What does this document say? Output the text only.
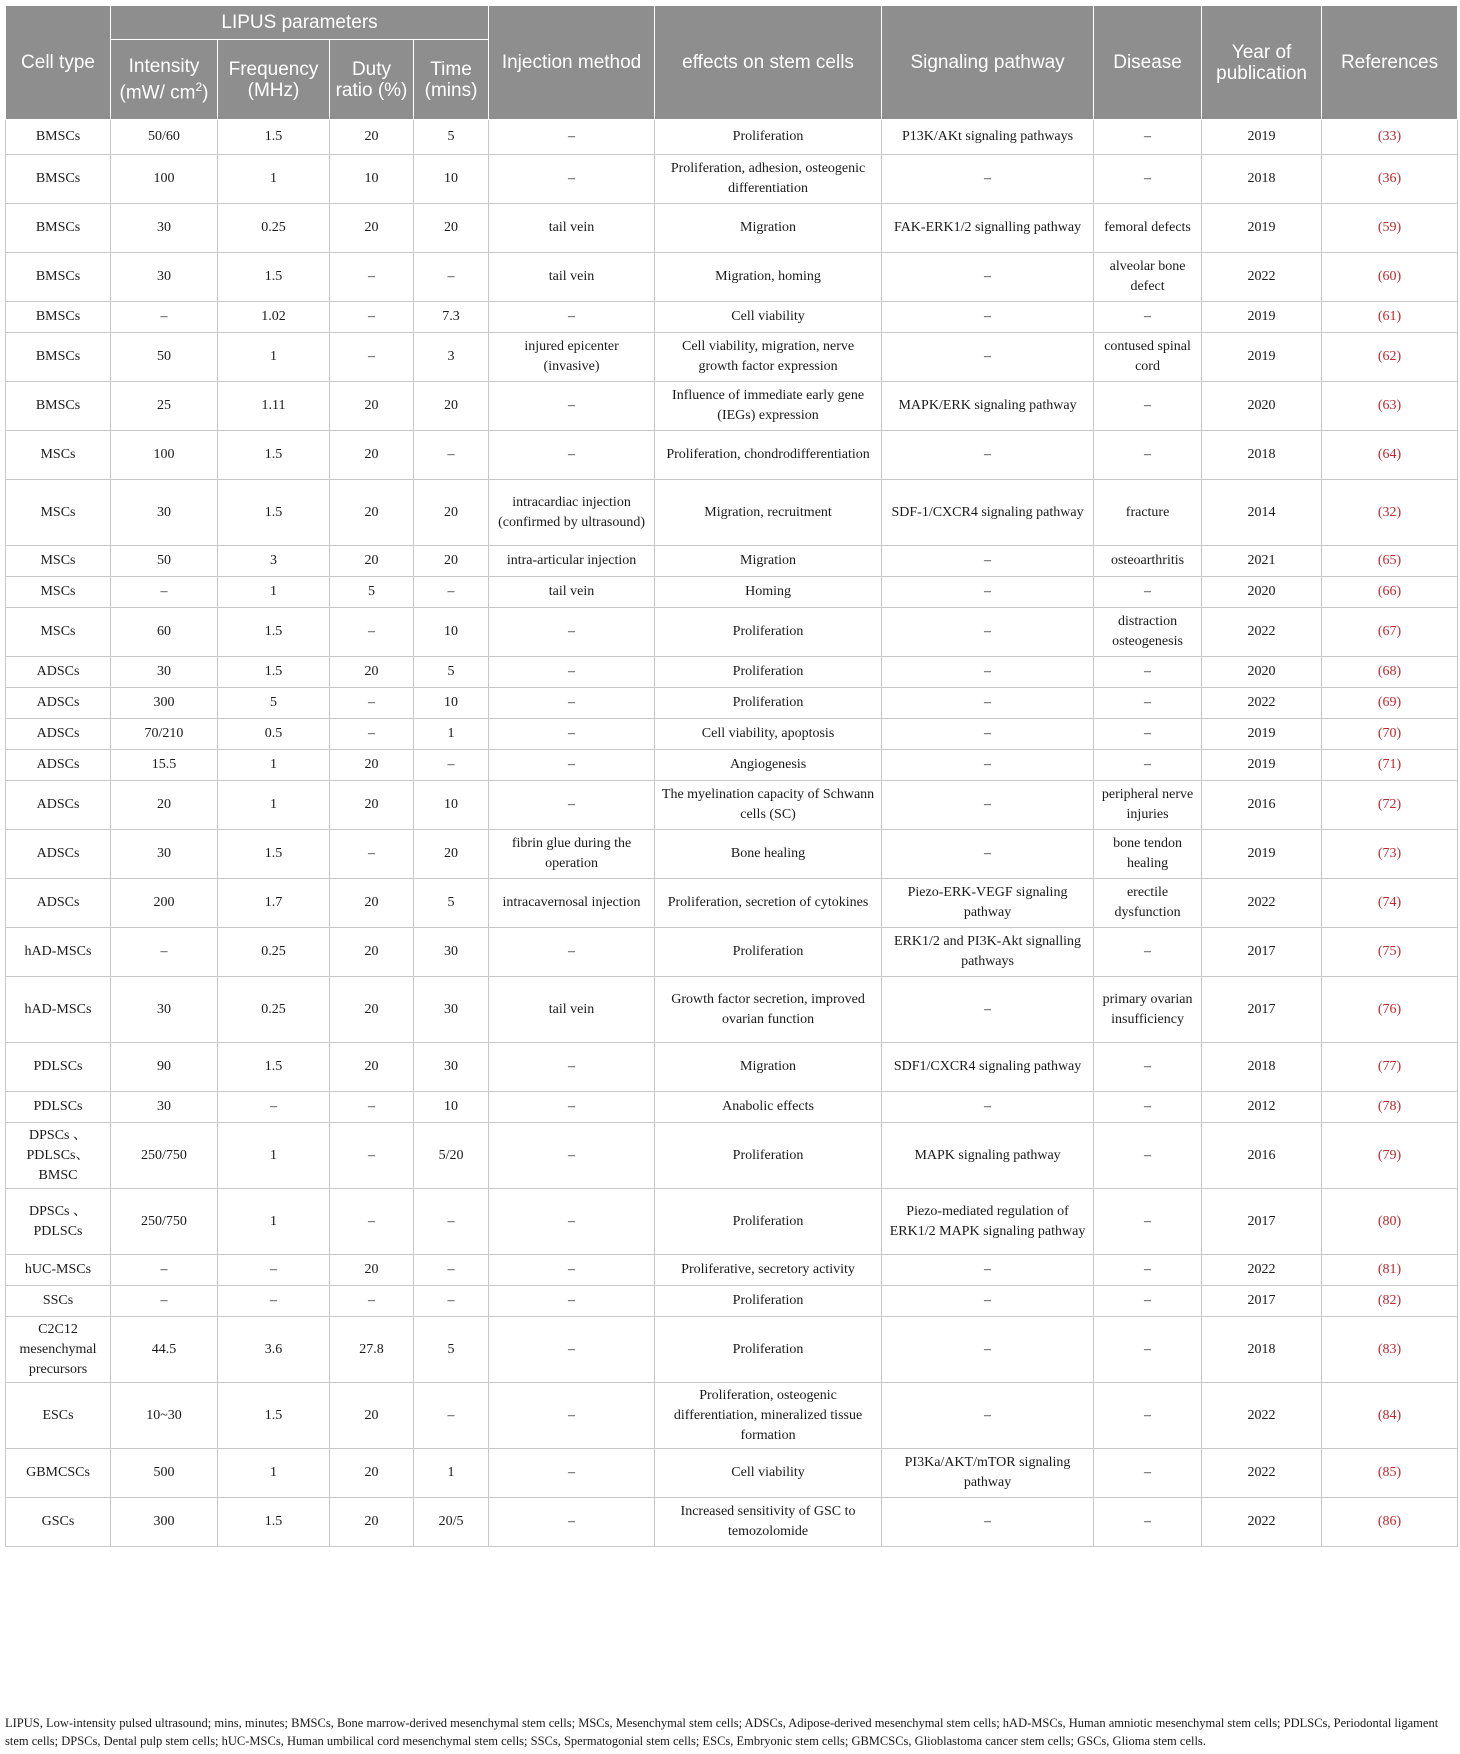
Cell type	LIPUS parameters				Injection method	effects on stem cells	Signaling pathway	Disease	Year of publication	References
	Intensity (mW/ $cm^2$)	Frequency (MHz)	Duty ratio (%)	Time (mins)						
BMSCs	50/60	1.5	20	5	–	Proliferation	P13K/AKt signaling pathways	–	2019	(33)
BMSCs	100	1	10	10	–	Proliferation, adhesion, osteogenic differentiation	–	–	2018	(36)
BMSCs	30	0.25	20	20	tail vein	Migration	FAK-ERK1/2 signalling pathway	femoral defects	2019	(59)
BMSCs	30	1.5	–	–	tail vein	Migration, homing	–	alveolar bone defect	2022	(60)
BMSCs	–	1.02	–	7.3	–	Cell viability	–	–	2019	(61)
BMSCs	50	1	–	3	injured epicenter (invasive)	Cell viability, migration, nerve growth factor expression	–	contused spinal cord	2019	(62)
BMSCs	25	1.11	20	20	–	Influence of immediate early gene (IEGs) expression	MAPK/ERK signaling pathway	–	2020	(63)
MSCs	100	1.5	20	–	–	Proliferation, chondrodifferentiation	–	–	2018	(64)
MSCs	30	1.5	20	20	intracardiac injection (confirmed by ultrasound)	Migration, recruitment	SDF-1/CXCR4 signaling pathway	fracture	2014	(32)
MSCs	50	3	20	20	intra-articular injection	Migration	–	osteoarthritis	2021	(65)
MSCs	–	1	5	–	tail vein	Homing	–	–	2020	(66)
MSCs	60	1.5	–	10	–	Proliferation	–	distraction osteogenesis	2022	(67)
ADSCs	30	1.5	20	5	–	Proliferation	–	–	2020	(68)
ADSCs	300	5	–	10	–	Proliferation	–	–	2022	(69)
ADSCs	70/210	0.5	–	1	–	Cell viability, apoptosis	–	–	2019	(70)
ADSCs	15.5	1	20	–	–	Angiogenesis	–	–	2019	(71)
ADSCs	20	1	20	10	–	The myelination capacity of Schwann cells (SC)	–	peripheral nerve injuries	2016	(72)
ADSCs	30	1.5	–	20	fibrin glue during the operation	Bone healing	–	bone tendon healing	2019	(73)
ADSCs	200	1.7	20	5	intracavernosal injection	Proliferation, secretion of cytokines	Piezo-ERK-VEGF signaling pathway	erectile dysfunction	2022	(74)
hAD-MSCs	–	0.25	20	30	–	Proliferation	ERK1/2 and PI3K-Akt signalling pathways	–	2017	(75)
hAD-MSCs	30	0.25	20	30	tail vein	Growth factor secretion, improved ovarian function	–	primary ovarian insufficiency	2017	(76)
PDLSCs	90	1.5	20	30	–	Migration	SDF1/CXCR4 signaling pathway	–	2018	(77)
PDLSCs	30	–	–	10	–	Anabolic effects	–	–	2012	(78)
DPSCs 、PDLSCs、BMSC	250/750	1	–	5/20	–	Proliferation	MAPK signaling pathway	–	2016	(79)
DPSCs 、PDLSCs	250/750	1	–	–	–	Proliferation	Piezo-mediated regulation of ERK1/2 MAPK signaling pathway	–	2017	(80)
hUC-MSCs	–	–	20	–	–	Proliferative, secretory activity	–	–	2022	(81)
SSCs	–	–	–	–	–	Proliferation	–	–	2017	(82)
C2C12 mesenchymal precursors	44.5	3.6	27.8	5	–	Proliferation	–	–	2018	(83)
ESCs	10~30	1.5	20	–	–	Proliferation, osteogenic differentiation, mineralized tissue formation	–	–	2022	(84)
GBMCSCs	500	1	20	1	–	Cell viability	PI3Ka/AKT/mTOR signaling pathway	–	2022	(85)
GSCs	300	1.5	20	20/5	–	Increased sensitivity of GSC to temozolomide	–	–	2022	(86)
LIPUS, Low-intensity pulsed ultrasound; mins, minutes; BMSCs, Bone marrow-derived mesenchymal stem cells; MSCs, Mesenchymal stem cells; ADSCs, Adipose-derived mesenchymal stem cells; hAD-MSCs, Human amniotic mesenchymal stem cells; PDLSCs, Periodontal ligament stem cells; DPSCs, Dental pulp stem cells; hUC-MSCs, Human umbilical cord mesenchymal stem cells; SSCs, Spermatogonial stem cells; ESCs, Embryonic stem cells; GBMCSCs, Glioblastoma cancer stem cells; GSCs, Glioma stem cells.
